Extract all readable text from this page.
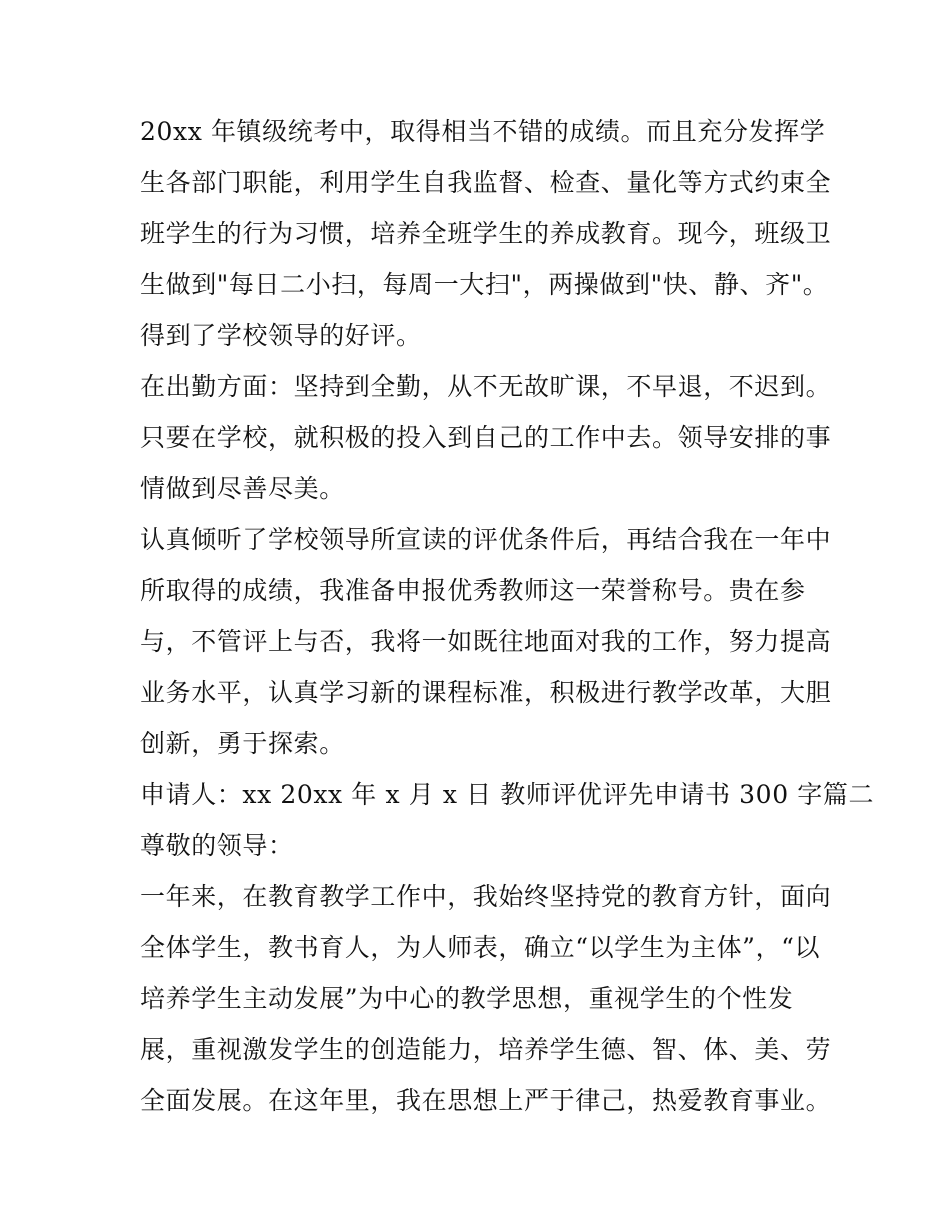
20xx 年镇级统考中，取得相当不错的成绩。而且充分发挥学
生各部门职能，利用学生自我监督、检查、量化等方式约束全
班学生的行为习惯，培养全班学生的养成教育。现今，班级卫
生做到"每日二小扫，每周一大扫"，两操做到"快、静、齐"。
得到了学校领导的好评。
在出勤方面：坚持到全勤，从不无故旷课，不早退，不迟到。
只要在学校，就积极的投入到自己的工作中去。领导安排的事
情做到尽善尽美。
认真倾听了学校领导所宣读的评优条件后，再结合我在一年中
所取得的成绩，我准备申报优秀教师这一荣誉称号。贵在参
与，不管评上与否，我将一如既往地面对我的工作，努力提高
业务水平，认真学习新的课程标准，积极进行教学改革，大胆
创新，勇于探索。
申请人：xx 20xx 年 x 月 x 日 教师评优评先申请书 300 字篇二
尊敬的领导：
一年来，在教育教学工作中，我始终坚持党的教育方针，面向
全体学生，教书育人，为人师表，确立“以学生为主体”，“以
培养学生主动发展”为中心的教学思想，重视学生的个性发
展，重视激发学生的创造能力，培养学生德、智、体、美、劳
全面发展。在这年里，我在思想上严于律己，热爱教育事业。
